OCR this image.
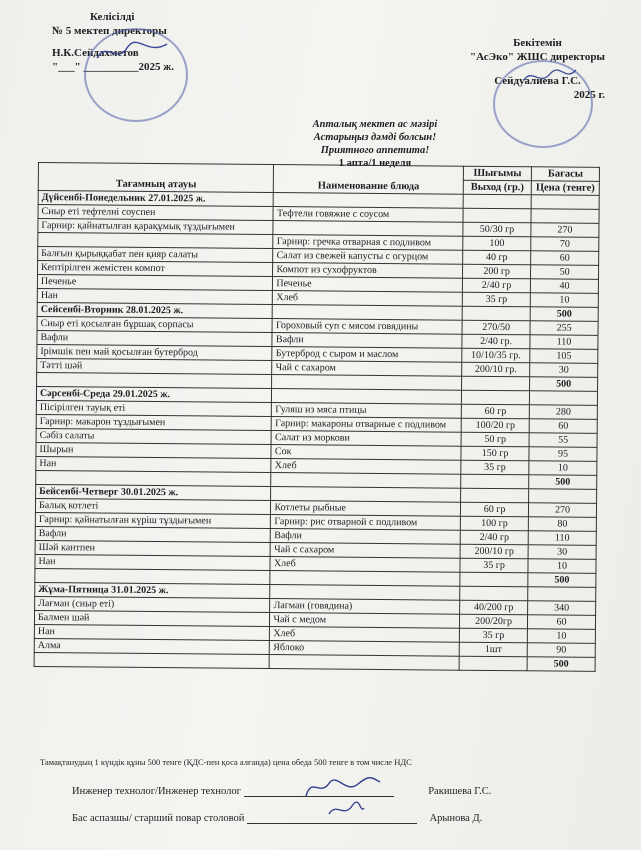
Келісілді
№ 5 мектеп директоры
Н.К.Сейдахметов
"___" __________2025 ж.
Бекітемін
"АсЭко" ЖШС директоры
Сейдуалиева Г.С.
2025 г.
Апталық мектеп ас мәзірі
Астарыңыз дәмді болсын!
Приятного аппетита!
1 апта/1 неделя
Тағамның атауы	Наименование блюда	Шығымы	Бағасы
		Выход (гр.)	Цена (тенге)
Дүйсенбі-Понедельник 27.01.2025 ж.			
Сиыр еті тефтелні соуспен	Тефтели говяжие с соусом		
Гарнир: қайнатылған қарақұмық тұздығымен		50/30 гр	270
	Гарнир: гречка отварная с подливом	100	70
Балғын қырыққабат пен қияр салаты	Салат из свежей капусты с огурцом	40 гр	60
Кептірілген жемістен компот	Компот из сухофруктов	200 гр	50
Печенье	Печенье	2/40 гр	40
Нан	Хлеб	35 гр	10
Сейсенбі-Вторник 28.01.2025 ж.			500
Сиыр еті қосылған бұршақ сорпасы	Гороховый суп с мясом говядины	270/50	255
Вафли	Вафли	2/40 гр.	110
Ірімшік пен май қосылған бутерброд	Бутерброд с сыром и маслом	10/10/35 гр.	105
Тәтті шәй	Чай с сахаром	200/10 гр.	30
			500
Сәрсенбі-Среда 29.01.2025 ж.			
Пісірілген тауық еті	Гуляш из мяса птицы	60 гр	280
Гарнир: макарон тұздығымен	Гарнир: макароны отварные с подливом	100/20 гр	60
Сәбіз салаты	Салат из моркови	50 гр	55
Шырын	Сок	150 гр	95
Нан	Хлеб	35 гр	10
			500
Бейсенбі-Четверг 30.01.2025 ж.			
Балық котлеті	Котлеты рыбные	60 гр	270
Гарнир: қайнатылған күріш тұздығымен	Гарнир: рис отварной с подливом	100 гр	80
Вафли	Вафли	2/40 гр	110
Шәй кантпен	Чай с сахаром	200/10 гр	30
Нан	Хлеб	35 гр	10
			500
Жұма-Пятница 31.01.2025 ж.			
Лағман (сиыр еті)	Лагман (говядина)	40/200 гр	340
Балмен шәй	Чай с медом	200/20гр	60
Нан	Хлеб	35 гр	10
Алма	Яблоко	1шт	90
			500
Тамақтанудың 1 күндік құны 500 тенге (ҚДС-пен қоса алғанда) цена обеда 500 тенге в том числе НДС
Инженер технолог/Инженер технолог	Ракишева Г.С.
Бас аспазшы/ старший повар столовой	Арынова Д.
